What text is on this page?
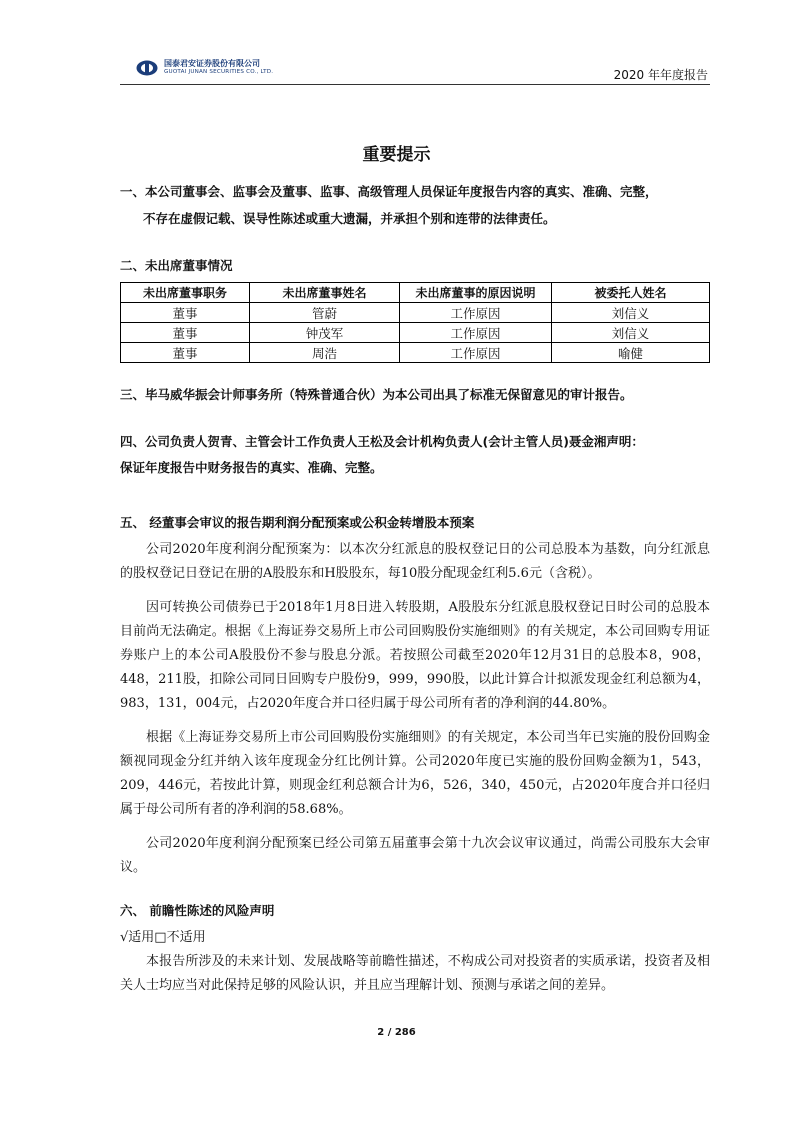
国泰君安证券股份有限公司
GUOTAI JUNAN SECURITIES CO., LTD.	2020 年年度报告
重要提示
一、本公司董事会、监事会及董事、监事、高级管理人员保证年度报告内容的真实、准确、完整，
不存在虚假记载、误导性陈述或重大遗漏，并承担个别和连带的法律责任。
二、未出席董事情况
未出席董事职务	未出席董事姓名	未出席董事的原因说明	被委托人姓名
董事	管蔚	工作原因	刘信义
董事	钟茂军	工作原因	刘信义
董事	周浩	工作原因	喻健
三、毕马威华振会计师事务所（特殊普通合伙）为本公司出具了标准无保留意见的审计报告。
四、公司负责人贺青、主管会计工作负责人王松及会计机构负责人(会计主管人员)聂金湘声明：
保证年度报告中财务报告的真实、准确、完整。
五、 经董事会审议的报告期利润分配预案或公积金转增股本预案

公司2020年度利润分配预案为：以本次分红派息的股权登记日的公司总股本为基数，向分红派息的股权登记日登记在册的A股股东和H股股东，每10股分配现金红利5.6元（含税）。

因可转换公司债券已于2018年1月8日进入转股期，A股股东分红派息股权登记日时公司的总股本目前尚无法确定。根据《上海证券交易所上市公司回购股份实施细则》的有关规定，本公司回购专用证券账户上的本公司A股股份不参与股息分派。若按照公司截至2020年12月31日的总股本8，908，448，211股，扣除公司同日回购专户股份9，999，990股，以此计算合计拟派发现金红利总额为4，983，131，004元，占2020年度合并口径归属于母公司所有者的净利润的44.80%。

根据《上海证券交易所上市公司回购股份实施细则》的有关规定，本公司当年已实施的股份回购金额视同现金分红并纳入该年度现金分红比例计算。公司2020年度已实施的股份回购金额为1，543，209，446元，若按此计算，则现金红利总额合计为6，526，340，450元，占2020年度合并口径归属于母公司所有者的净利润的58.68%。

公司2020年度利润分配预案已经公司第五届董事会第十九次会议审议通过，尚需公司股东大会审议。

六、 前瞻性陈述的风险声明
√适用□不适用

本报告所涉及的未来计划、发展战略等前瞻性描述，不构成公司对投资者的实质承诺，投资者及相关人士均应当对此保持足够的风险认识，并且应当理解计划、预测与承诺之间的差异。

2 / 286
